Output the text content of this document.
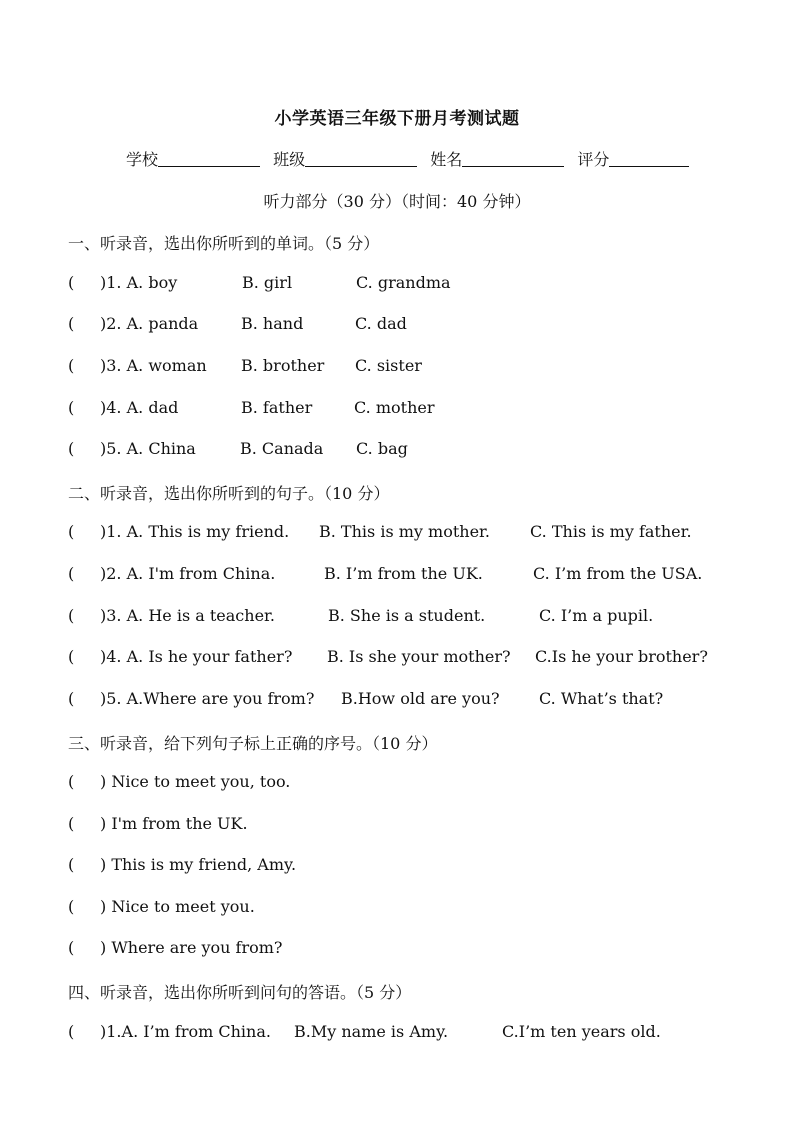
小学英语三年级下册月考测试题
学校	班级	姓名	评分
听力部分（30 分）（时间：40 分钟）
一、听录音，选出你所听到的单词。（5 分）
( )1. A. boy	B. girl	C. grandma
( )2. A. panda	B. hand	C. dad
( )3. A. woman B. brother C. sister
( )4. A. dad	B. father	C. mother
( )5. A. China	B. Canada C. bag
二、听录音，选出你所听到的句子。（10 分）
( )1. A. This is my friend. B. This is my mother. C. This is my father.
( )2. A. I'm from China.	B. I’m from the UK.	C. I’m from the USA.
( )3. A. He is a teacher.	B. She is a student.	C. I’m a pupil.
( )4. A. Is he your father? B. Is she your mother? C.Is he your brother?
( )5. A.Where are you from? B.How old are you? C. What’s that?
三、听录音，给下列句子标上正确的序号。（10 分）
( ) Nice to meet you, too.
( ) I'm from the UK.
( ) This is my friend, Amy.
( ) Nice to meet you.
( ) Where are you from?
四、听录音，选出你所听到问句的答语。（5 分）
( )1.A. I’m from China. B.My name is Amy.	C.I’m ten years old.
